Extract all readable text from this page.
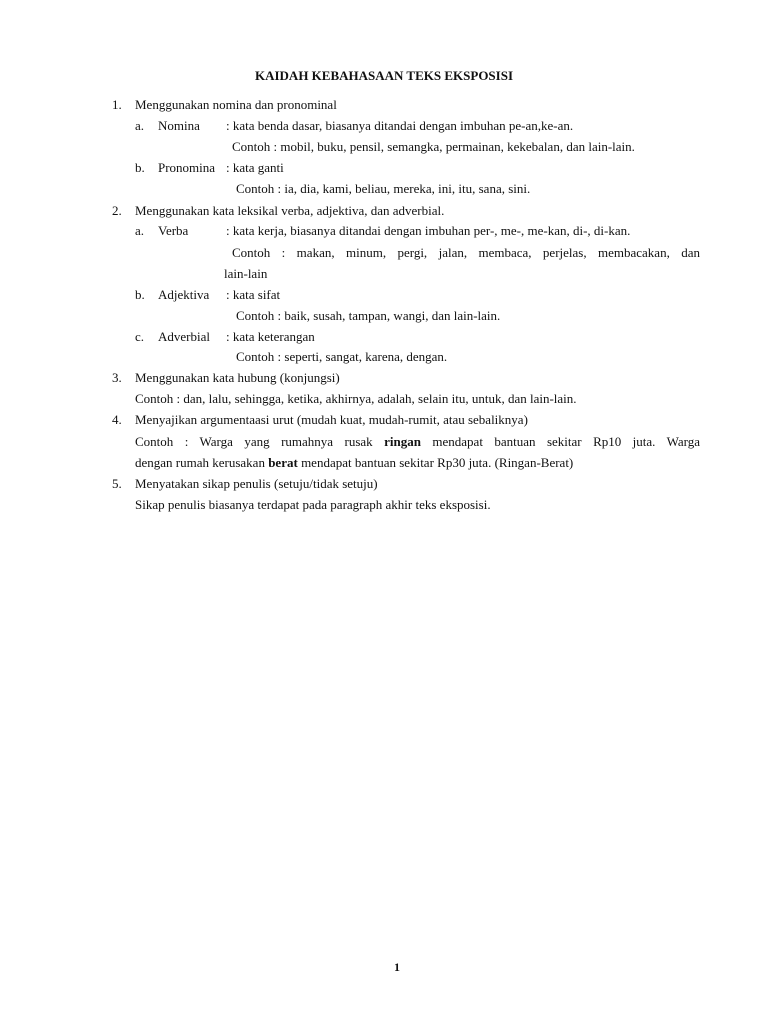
KAIDAH KEBAHASAAN TEKS EKSPOSISI
1. Menggunakan nomina dan pronominal
a. Nomina : kata benda dasar, biasanya ditandai dengan imbuhan pe-an,ke-an.
Contoh : mobil, buku, pensil, semangka, permainan, kekebalan, dan lain-lain.
b. Pronomina : kata ganti
Contoh : ia, dia, kami, beliau, mereka, ini, itu, sana, sini.
2. Menggunakan kata leksikal verba, adjektiva, dan adverbial.
a. Verba	: kata kerja, biasanya ditandai dengan imbuhan per-, me-, me-kan, di-, di-kan.
Contoh : makan, minum, pergi, jalan, membaca, perjelas, membacakan, dan
lain-lain
b. Adjektiva : kata sifat
Contoh : baik, susah, tampan, wangi, dan lain-lain.
c. Adverbial : kata keterangan
Contoh : seperti, sangat, karena, dengan.
3. Menggunakan kata hubung (konjungsi)
Contoh : dan, lalu, sehingga, ketika, akhirnya, adalah, selain itu, untuk, dan lain-lain.
4. Menyajikan argumentaasi urut (mudah kuat, mudah-rumit, atau sebaliknya)
Contoh : Warga yang rumahnya rusak ringan mendapat bantuan sekitar Rp10 juta. Warga
dengan rumah kerusakan berat mendapat bantuan sekitar Rp30 juta. (Ringan-Berat)
5. Menyatakan sikap penulis (setuju/tidak setuju)
Sikap penulis biasanya terdapat pada paragraph akhir teks eksposisi.
1
